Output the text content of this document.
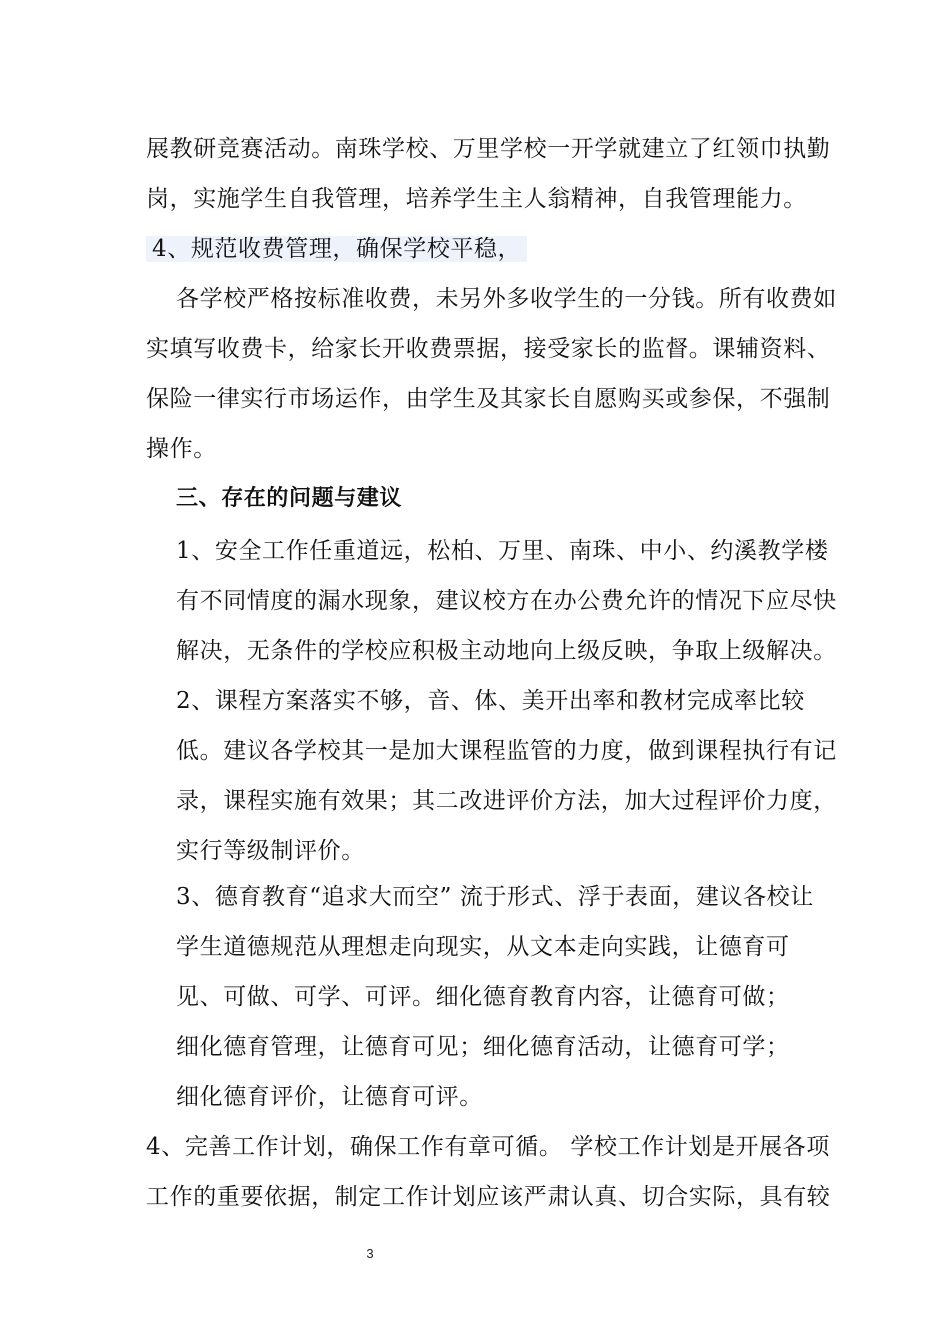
展教研竞赛活动。南珠学校、万里学校一开学就建立了红领巾执勤
岗，实施学生自我管理，培养学生主人翁精神，自我管理能力。
4、规范收费管理，确保学校平稳，
各学校严格按标准收费，未另外多收学生的一分钱。所有收费如
实填写收费卡，给家长开收费票据，接受家长的监督。课辅资料、
保险一律实行市场运作，由学生及其家长自愿购买或参保，不强制
操作。
三、存在的问题与建议
1、安全工作任重道远，松柏、万里、南珠、中小、约溪教学楼
有不同情度的漏水现象，建议校方在办公费允许的情况下应尽快
解决，无条件的学校应积极主动地向上级反映，争取上级解决。
2、课程方案落实不够，音、体、美开出率和教材完成率比较
低。建议各学校其一是加大课程监管的力度，做到课程执行有记
录，课程实施有效果；其二改进评价方法，加大过程评价力度，
实行等级制评价。
3、德育教育“追求大而空” 流于形式、浮于表面，建议各校让
学生道德规范从理想走向现实，从文本走向实践，让德育可
见、可做、可学、可评。细化德育教育内容，让德育可做；
细化德育管理，让德育可见；细化德育活动，让德育可学；
细化德育评价，让德育可评。
4、完善工作计划，确保工作有章可循。 学校工作计划是开展各项
工作的重要依据，制定工作计划应该严肃认真、切合实际，具有较
3
